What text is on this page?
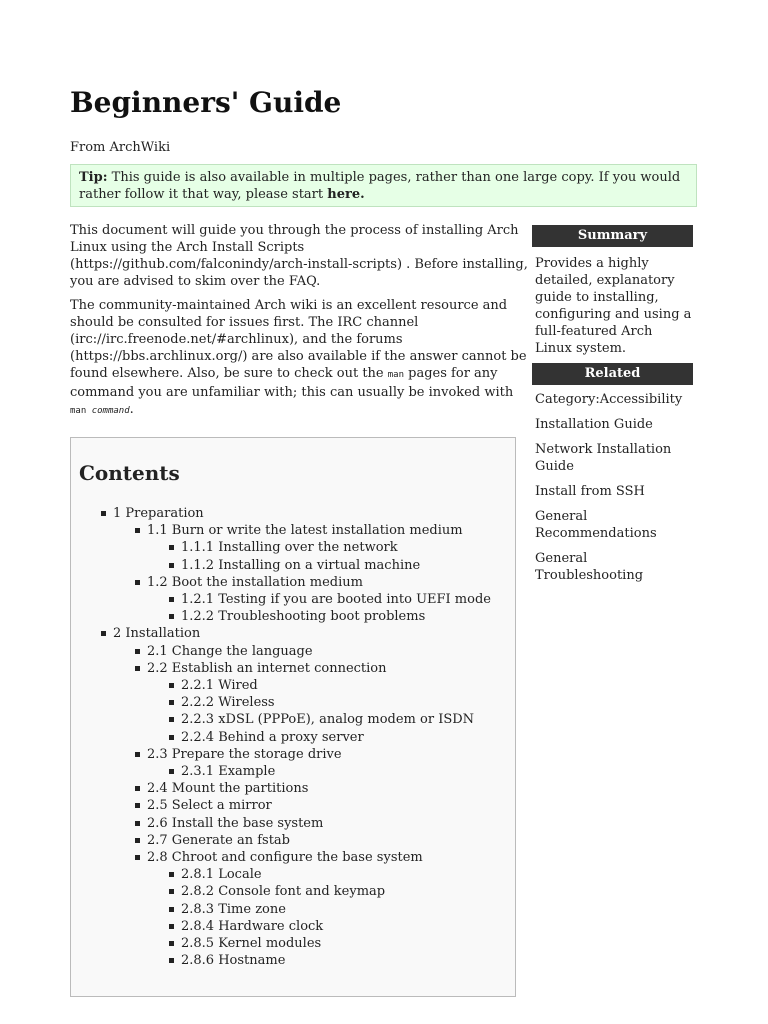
Beginners' Guide
From ArchWiki
Tip: This guide is also available in multiple pages, rather than one large copy. If you would rather follow it that way, please start here.

This document will guide you through the process of installing Arch Linux using the Arch Install Scripts (https://github.com/falconindy/arch-install-scripts) . Before installing, you are advised to skim over the FAQ.

The community-maintained Arch wiki is an excellent resource and should be consulted for issues first. The IRC channel (irc://irc.freenode.net/#archlinux), and the forums (https://bbs.archlinux.org/) are also available if the answer cannot be found elsewhere. Also, be sure to check out the man pages for any command you are unfamiliar with; this can usually be invoked with man command.

Summary
Provides a highly detailed, explanatory guide to installing, configuring and using a full-featured Arch Linux system.
Related
Category:Accessibility
Installation Guide
Network Installation Guide
Install from SSH
General Recommendations
General Troubleshooting
Contents
1 Preparation
1.1 Burn or write the latest installation medium
1.1.1 Installing over the network
1.1.2 Installing on a virtual machine
1.2 Boot the installation medium
1.2.1 Testing if you are booted into UEFI mode
1.2.2 Troubleshooting boot problems
2 Installation
2.1 Change the language
2.2 Establish an internet connection
2.2.1 Wired
2.2.2 Wireless
2.2.3 xDSL (PPPoE), analog modem or ISDN
2.2.4 Behind a proxy server
2.3 Prepare the storage drive
2.3.1 Example
2.4 Mount the partitions
2.5 Select a mirror
2.6 Install the base system
2.7 Generate an fstab
2.8 Chroot and configure the base system
2.8.1 Locale
2.8.2 Console font and keymap
2.8.3 Time zone
2.8.4 Hardware clock
2.8.5 Kernel modules
2.8.6 Hostname
